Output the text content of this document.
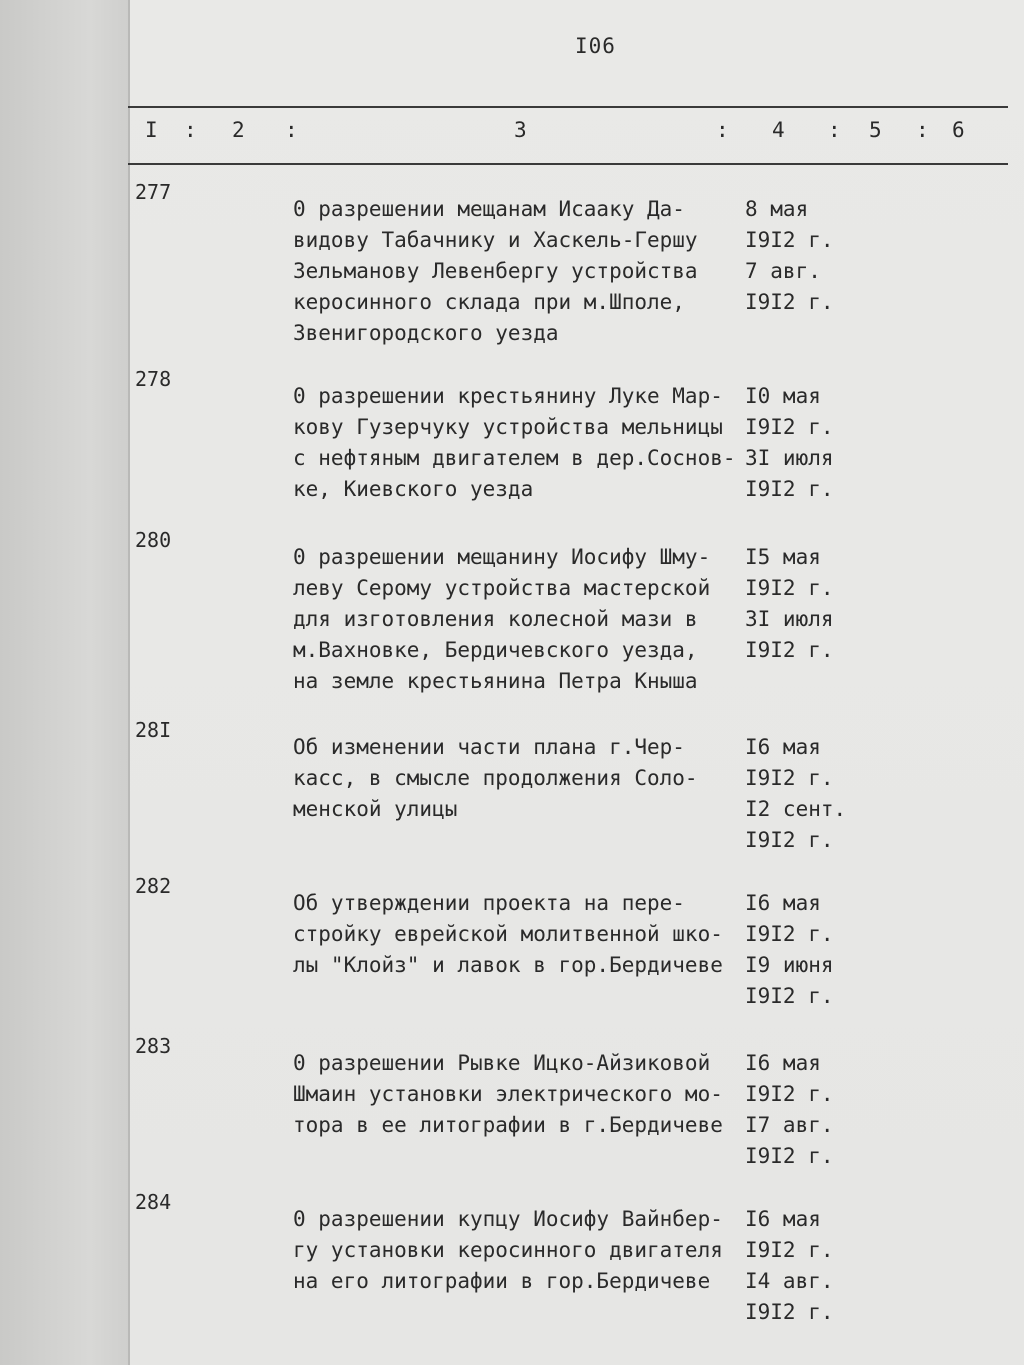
I06
I : 2 :	3	: 4 : 5 : 6
277
0 разрешении мещанам Исааку Да-
видову Табачнику и Хаскель-Гершу
Зельманову Левенбергу устройства
керосинного склада при м.Шполе,
Звенигородского уезда
8 мая
I9I2 г.
7 авг.
I9I2 г.
278
0 разрешении крестьянину Луке Мар-
кову Гузерчуку устройства мельницы
с нефтяным двигателем в дер.Соснов-
ке, Киевского уезда
I0 мая
I9I2 г.
3I июля
I9I2 г.
280
0 разрешении мещанину Иосифу Шму-
леву Серому устройства мастерской
для изготовления колесной мази в
м.Вахновке, Бердичевского уезда,
на земле крестьянина Петра Кныша
I5 мая
I9I2 г.
3I июля
I9I2 г.
28I
Об изменении части плана г.Чер-
касс, в смысле продолжения Соло-
менской улицы
I6 мая
I9I2 г.
I2 сент.
I9I2 г.
282
Об утверждении проекта на пере-
стройку еврейской молитвенной шко-
лы "Клойз" и лавок в гор.Бердичеве
I6 мая
I9I2 г.
I9 июня
I9I2 г.
283
0 разрешении Рывке Ицко-Айзиковой
Шмаин установки электрического мо-
тора в ее литографии в г.Бердичеве
I6 мая
I9I2 г.
I7 авг.
I9I2 г.
284
0 разрешении купцу Иосифу Вайнбер-
гу установки керосинного двигателя
на его литографии в гор.Бердичеве
I6 мая
I9I2 г.
I4 авг.
I9I2 г.
